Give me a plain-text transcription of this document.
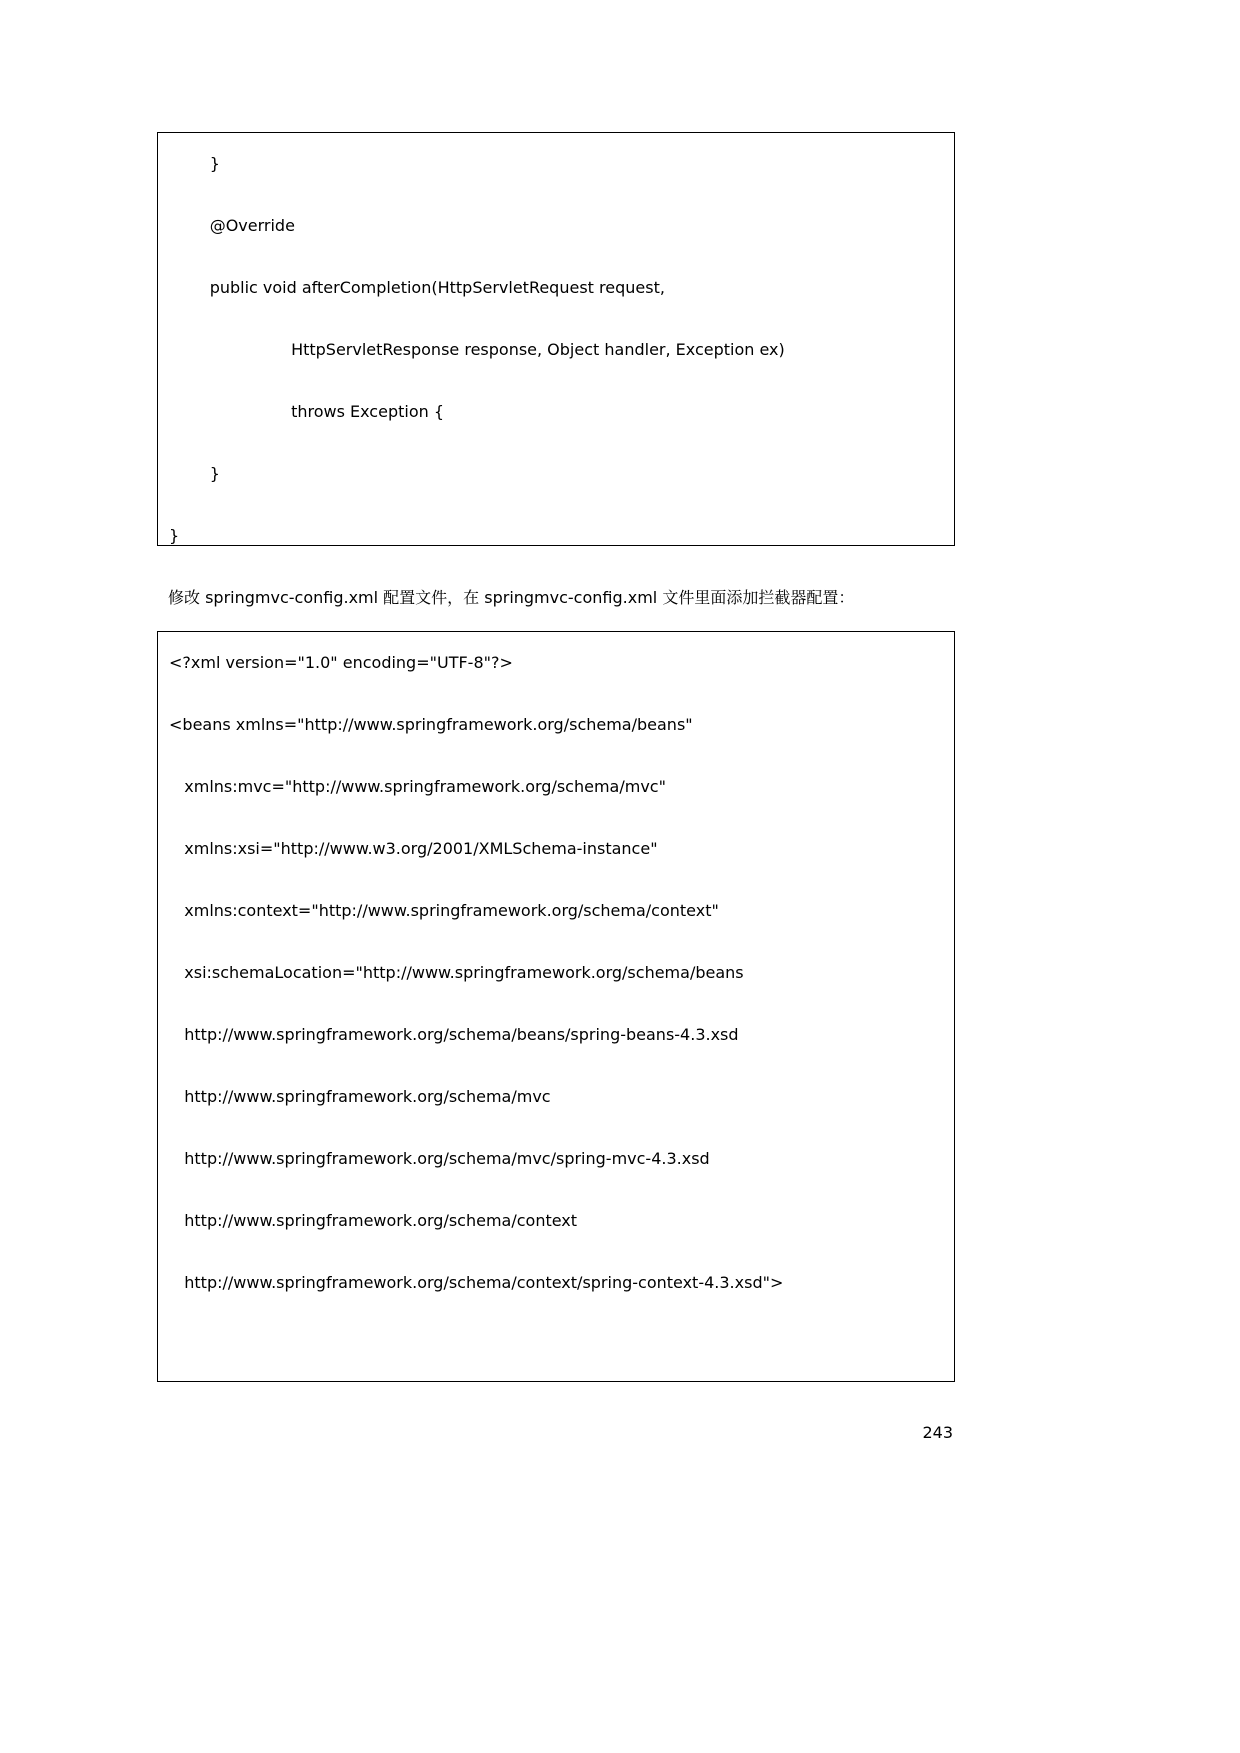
}
@Override
public void afterCompletion(HttpServletRequest request,
HttpServletResponse response, Object handler, Exception ex)
throws Exception {
}
}

修改 springmvc-config.xml 配置文件，在 springmvc-config.xml 文件里面添加拦截器配置：

<?xml version="1.0" encoding="UTF-8"?>
<beans xmlns="http://www.springframework.org/schema/beans"
xmlns:mvc="http://www.springframework.org/schema/mvc"
xmlns:xsi="http://www.w3.org/2001/XMLSchema-instance"
xmlns:context="http://www.springframework.org/schema/context"
xsi:schemaLocation="http://www.springframework.org/schema/beans
http://www.springframework.org/schema/beans/spring-beans-4.3.xsd
http://www.springframework.org/schema/mvc
http://www.springframework.org/schema/mvc/spring-mvc-4.3.xsd
http://www.springframework.org/schema/context
http://www.springframework.org/schema/context/spring-context-4.3.xsd">
243
